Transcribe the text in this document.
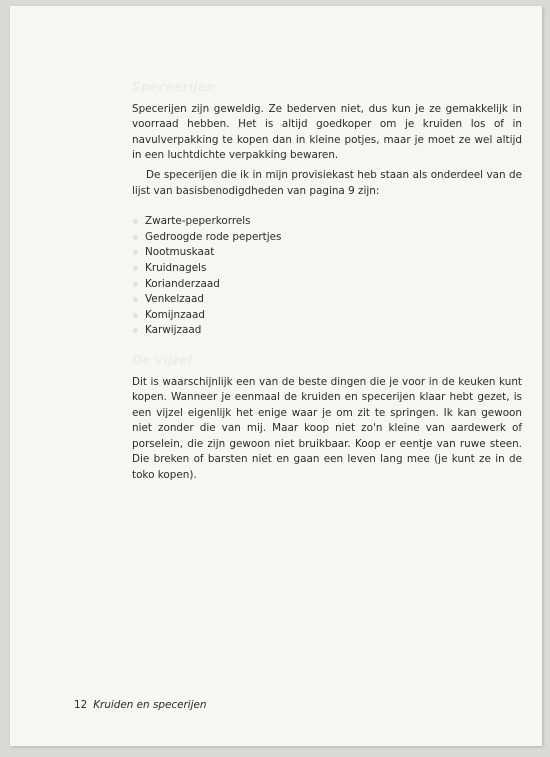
Speceerijen

Specerijen zijn geweldig. Ze bederven niet, dus kun je ze gemakkelijk in voorraad hebben. Het is altijd goedkoper om je kruiden los of in navulverpakking te kopen dan in kleine potjes, maar je moet ze wel altijd in een luchtdichte verpakking bewaren.

De specerijen die ik in mijn provisiekast heb staan als onderdeel van de lijst van basisbenodigdheden van pagina 9 zijn:

Zwarte-peperkorrels
Gedroogde rode pepertjes
Nootmuskaat
Kruidnagels
Korianderzaad
Venkelzaad
Komijnzaad
Karwijzaad
De vijzel

Dit is waarschijnlijk een van de beste dingen die je voor in de keuken kunt kopen. Wanneer je eenmaal de kruiden en specerijen klaar hebt gezet, is een vijzel eigenlijk het enige waar je om zit te springen. Ik kan gewoon niet zonder die van mij. Maar koop niet zo'n kleine van aardewerk of porselein, die zijn gewoon niet bruikbaar. Koop er eentje van ruwe steen. Die breken of barsten niet en gaan een leven lang mee (je kunt ze in de toko kopen).

12 Kruiden en specerijen
